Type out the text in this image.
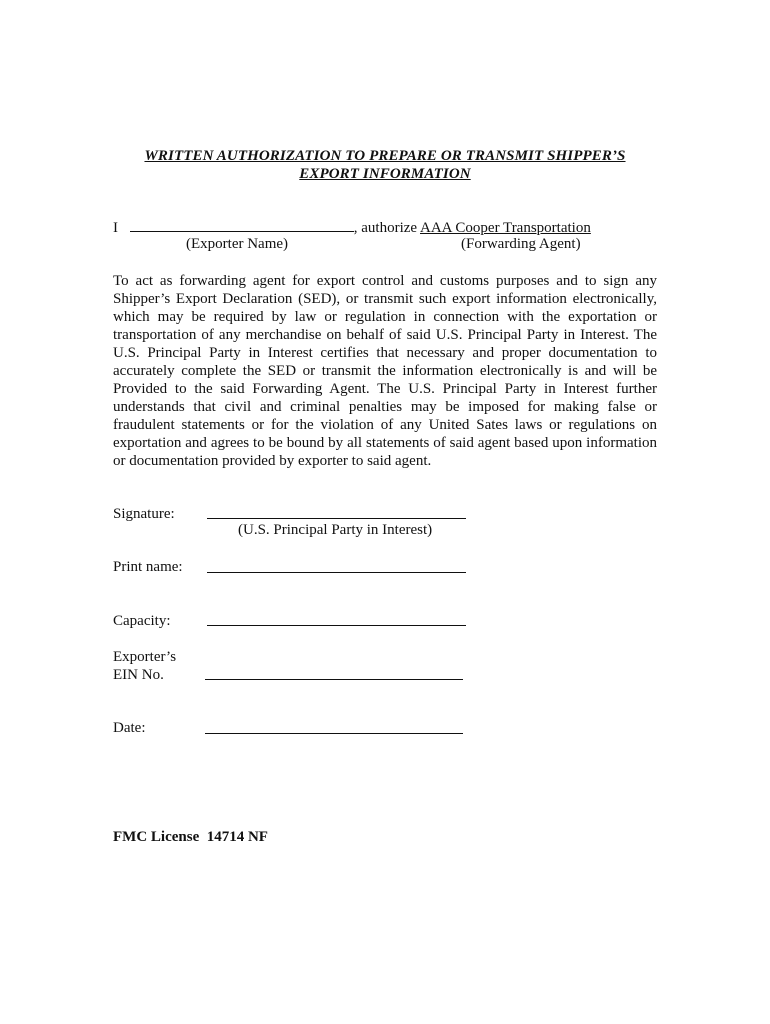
WRITTEN AUTHORIZATION TO PREPARE OR TRANSMIT SHIPPER’S
EXPORT INFORMATION
I	, authorize AAA Cooper Transportation
(Exporter Name)	(Forwarding Agent)
To act as forwarding agent for export control and customs purposes and to sign any Shipper’s Export Declaration (SED), or transmit such export information electronically, which may be required by law or regulation in connection with the exportation or transportation of any merchandise on behalf of said U.S. Principal Party in Interest. The U.S. Principal Party in Interest certifies that necessary and proper documentation to accurately complete the SED or transmit the information electronically is and will be Provided to the said Forwarding Agent. The U.S. Principal Party in Interest further understands that civil and criminal penalties may be imposed for making false or fraudulent statements or for the violation of any United Sates laws or regulations on exportation and agrees to be bound by all statements of said agent based upon information or documentation provided by exporter to said agent.
Signature:
(U.S. Principal Party in Interest)
Print name:
Capacity:
Exporter’s
EIN No.
Date:
FMC License  14714 NF
